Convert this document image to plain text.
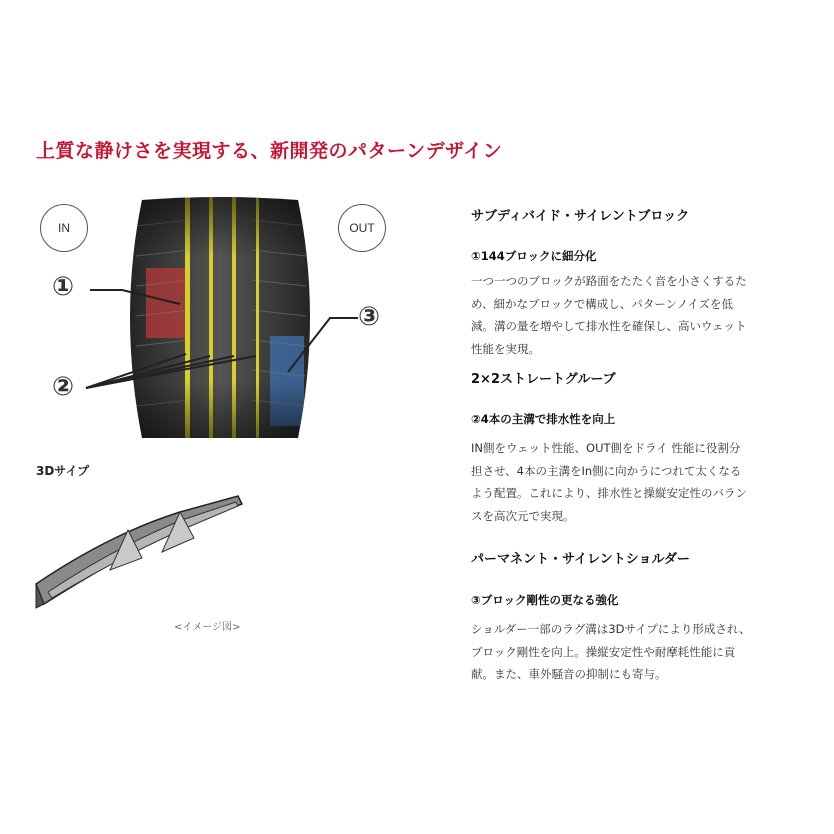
上質な静けさを実現する、新開発のパターンデザイン
IN	OUT
①
②
③
3Dサイプ
<イメージ図>

サブディバイド・サイレントブロック

①144ブロックに細分化

一つ一つのブロックが路面をたたく音を小さくするた

め、細かなブロックで構成し、パターンノイズを低

減。溝の量を増やして排水性を確保し、高いウェット

性能を実現。

2×2ストレートグルーブ

②4本の主溝で排水性を向上

IN側をウェット性能、OUT側をドライ 性能に役割分

担させ、4本の主溝をIn側に向かうにつれて太くなる

よう配置。これにより、排水性と操縦安定性のバラン

スを高次元で実現。

パーマネント・サイレントショルダー

③ブロック剛性の更なる強化

ショルダー一部のラグ溝は3Dサイプにより形成され、

ブロック剛性を向上。操縦安定性や耐摩耗性能に貢

献。また、車外騒音の抑制にも寄与。
